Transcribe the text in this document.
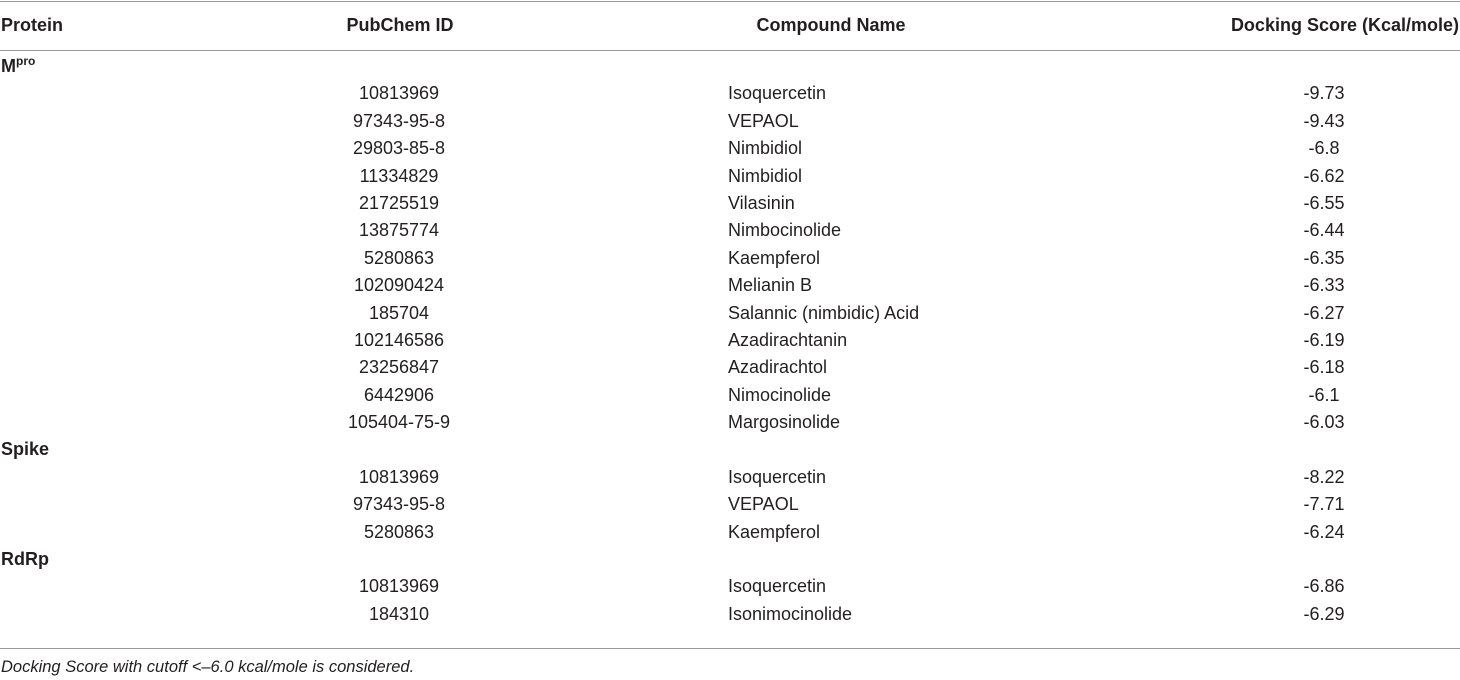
Protein	PubChem ID	Compound Name	Docking Score (Kcal/mole)
$M^{pro}$
10813969	Isoquercetin	-9.73
97343-95-8	VEPAOL	-9.43
29803-85-8	Nimbidiol	-6.8
11334829	Nimbidiol	-6.62
21725519	Vilasinin	-6.55
13875774	Nimbocinolide	-6.44
5280863	Kaempferol	-6.35
102090424	Melianin B	-6.33
185704	Salannic (nimbidic) Acid	-6.27
102146586	Azadirachtanin	-6.19
23256847	Azadirachtol	-6.18
6442906	Nimocinolide	-6.1
105404-75-9	Margosinolide	-6.03
Spike
10813969	Isoquercetin	-8.22
97343-95-8	VEPAOL	-7.71
5280863	Kaempferol	-6.24
RdRp
10813969	Isoquercetin	-6.86
184310	Isonimocinolide	-6.29
Docking Score with cutoff <–6.0 kcal/mole is considered.
